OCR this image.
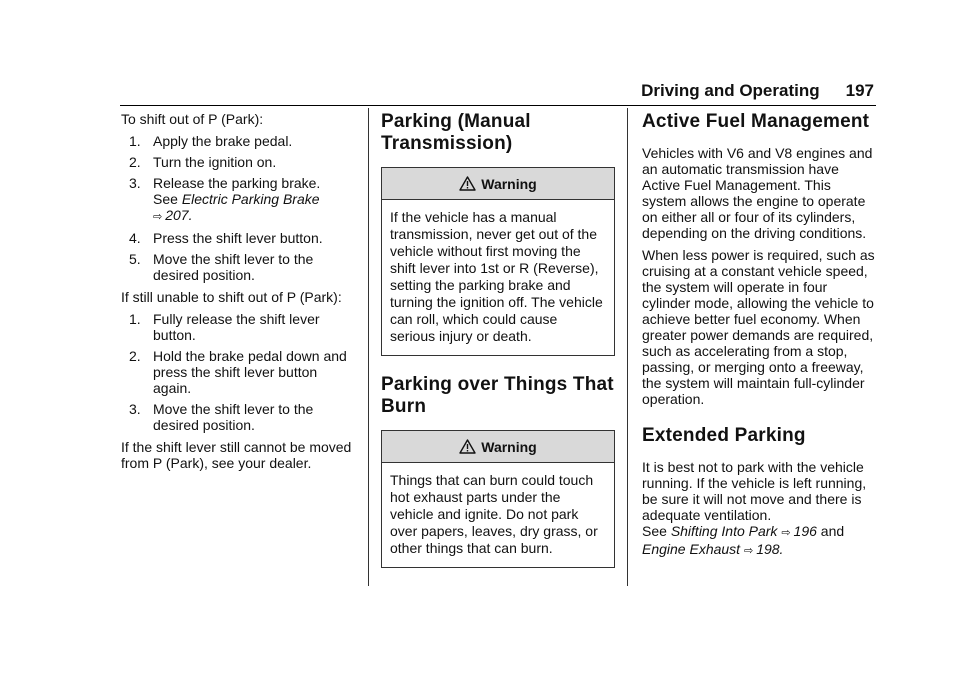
Driving and Operating 197

To shift out of P (Park):

1. Apply the brake pedal.
2. Turn the ignition on.
3. Release the parking brake.
See Electric Parking Brake
⇨ 207.
4. Press the shift lever button.
5. Move the shift lever to the desired position.

If still unable to shift out of P (Park):

1. Fully release the shift lever button.
2. Hold the brake pedal down and press the shift lever button again.
3. Move the shift lever to the desired position.

If the shift lever still cannot be moved from P (Park), see your dealer.

Parking (Manual Transmission)
Warning
If the vehicle has a manual transmission, never get out of the vehicle without first moving the shift lever into 1st or R (Reverse), setting the parking brake and turning the ignition off. The vehicle can roll, which could cause serious injury or death.
Parking over Things That Burn
Warning
Things that can burn could touch hot exhaust parts under the vehicle and ignite. Do not park over papers, leaves, dry grass, or other things that can burn.
Active Fuel Management

Vehicles with V6 and V8 engines and an automatic transmission have Active Fuel Management. This system allows the engine to operate on either all or four of its cylinders, depending on the driving conditions.

When less power is required, such as cruising at a constant vehicle speed, the system will operate in four cylinder mode, allowing the vehicle to achieve better fuel economy. When greater power demands are required, such as accelerating from a stop, passing, or merging onto a freeway, the system will maintain full-cylinder operation.

Extended Parking

It is best not to park with the vehicle running. If the vehicle is left running, be sure it will not move and there is adequate ventilation.

See Shifting Into Park ⇨ 196 and
Engine Exhaust ⇨ 198.
